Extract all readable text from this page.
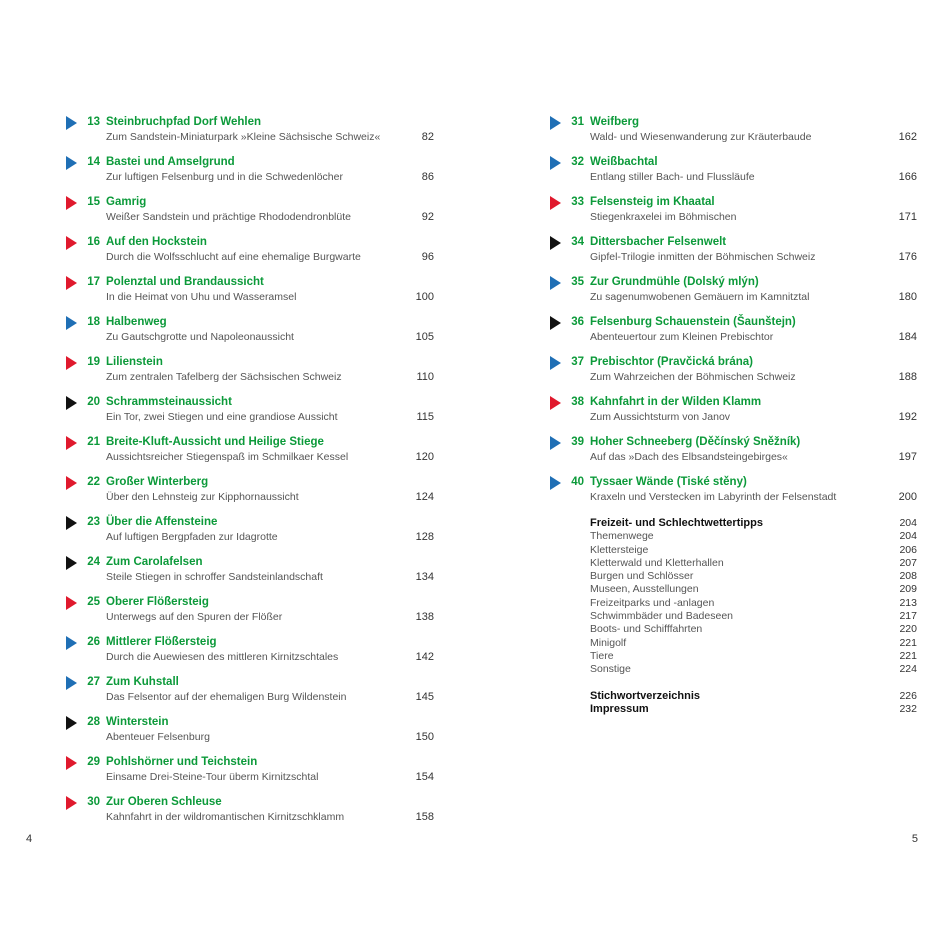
13 Steinbruchpfad Dorf Wehlen
Zum Sandstein-Miniaturpark »Kleine Sächsische Schweiz«	82
14 Bastei und Amselgrund
Zur luftigen Felsenburg und in die Schwedenlöcher	86
15 Gamrig
Weißer Sandstein und prächtige Rhododendronblüte	92
16 Auf den Hockstein
Durch die Wolfsschlucht auf eine ehemalige Burgwarte	96
17 Polenztal und Brandaussicht
In die Heimat von Uhu und Wasseramsel	100
18 Halbenweg
Zu Gautschgrotte und Napoleonaussicht	105
19 Lilienstein
Zum zentralen Tafelberg der Sächsischen Schweiz	110
20 Schrammsteinaussicht
Ein Tor, zwei Stiegen und eine grandiose Aussicht	115
21 Breite-Kluft-Aussicht und Heilige Stiege
Aussichtsreicher Stiegenspaß im Schmilkaer Kessel	120
22 Großer Winterberg
Über den Lehnsteig zur Kipphornaussicht	124
23 Über die Affensteine
Auf luftigen Bergpfaden zur Idagrotte	128
24 Zum Carolafelsen
Steile Stiegen in schroffer Sandsteinlandschaft	134
25 Oberer Flößersteig
Unterwegs auf den Spuren der Flößer	138
26 Mittlerer Flößersteig
Durch die Auewiesen des mittleren Kirnitzschtales	142
27 Zum Kuhstall
Das Felsentor auf der ehemaligen Burg Wildenstein	145
28 Winterstein
Abenteuer Felsenburg	150
29 Pohlshörner und Teichstein
Einsame Drei-Steine-Tour überm Kirnitzschtal	154
30 Zur Oberen Schleuse
Kahnfahrt in der wildromantischen Kirnitzschklamm	158
31 Weifberg
Wald- und Wiesenwanderung zur Kräuterbaude	162
32 Weißbachtal
Entlang stiller Bach- und Flussläufe	166
33 Felsensteig im Khaatal
Stiegenkraxelei im Böhmischen	171
34 Dittersbacher Felsenwelt
Gipfel-Trilogie inmitten der Böhmischen Schweiz	176
35 Zur Grundmühle (Dolský mlýn)
Zu sagenumwobenen Gemäuern im Kamnitztal	180
36 Felsenburg Schauenstein (Šaunštejn)
Abenteuertour zum Kleinen Prebischtor	184
37 Prebischtor (Pravčická brána)
Zum Wahrzeichen der Böhmischen Schweiz	188
38 Kahnfahrt in der Wilden Klamm
Zum Aussichtsturm von Janov	192
39 Hoher Schneeberg (Děčínský Sněžník)
Auf das »Dach des Elbsandsteingebirges«	197
40 Tyssaer Wände (Tiské stěny)
Kraxeln und Verstecken im Labyrinth der Felsenstadt	200
Freizeit- und Schlechtwettertipps	204
Themenwege	204
Klettersteige	206
Kletterwald und Kletterhallen	207
Burgen und Schlösser	208
Museen, Ausstellungen	209
Freizeitparks und -anlagen	213
Schwimmbäder und Badeseen	217
Boots- und Schifffahrten	220
Minigolf	221
Tiere	221
Sonstige	224
Stichwortverzeichnis	226
Impressum	232
4	5
